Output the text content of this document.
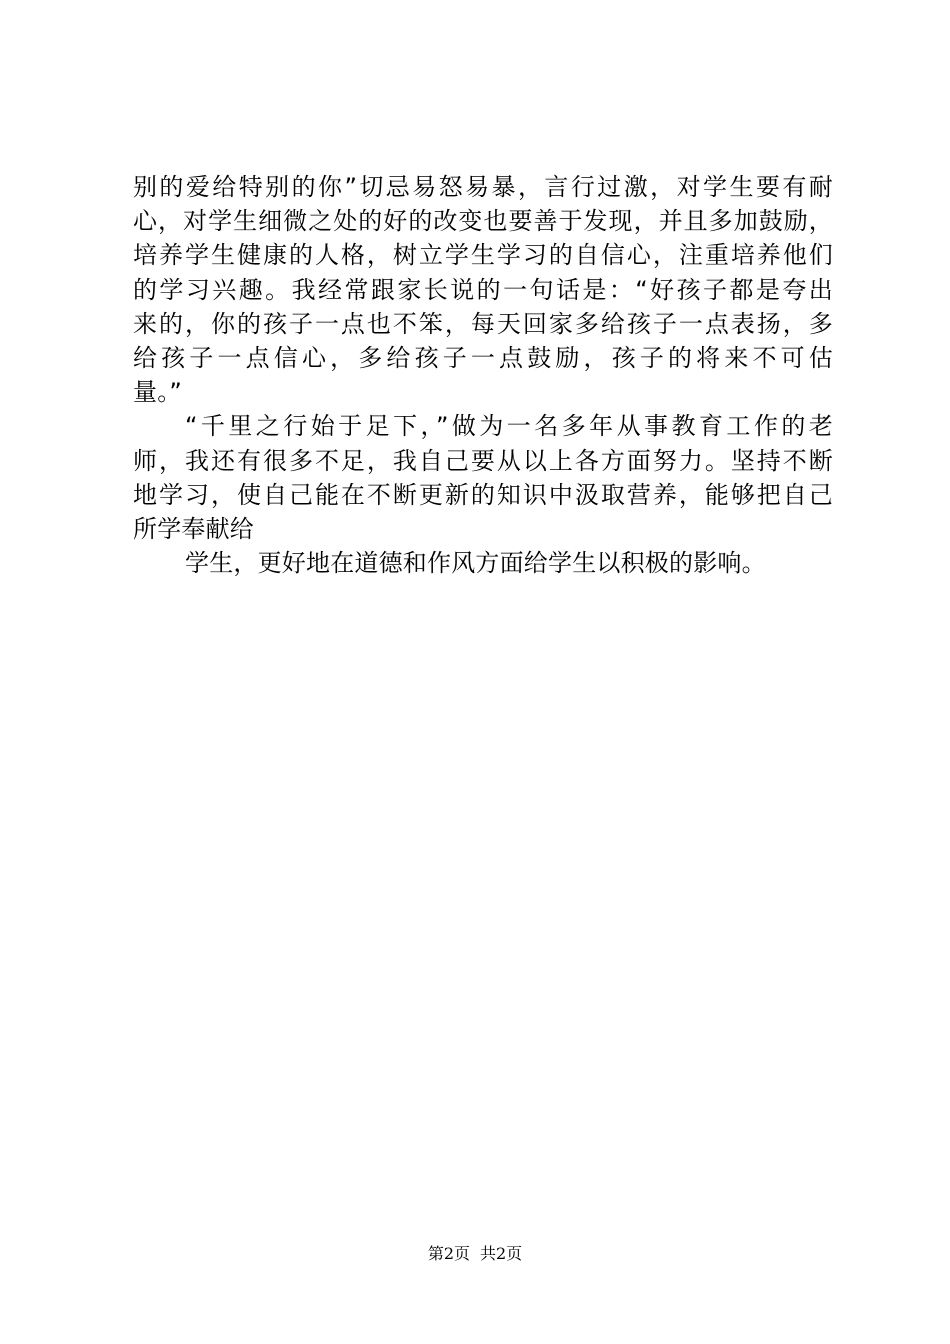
别的爱给特别的你”切忌易怒易暴，言行过激，对学生要有耐
心，对学生细微之处的好的改变也要善于发现，并且多加鼓励，
培养学生健康的人格，树立学生学习的自信心，注重培养他们
的学习兴趣。我经常跟家长说的一句话是：“好孩子都是夸出
来的，你的孩子一点也不笨，每天回家多给孩子一点表扬，多
给孩子一点信心，多给孩子一点鼓励，孩子的将来不可估
量。”
“千里之行始于足下，”做为一名多年从事教育工作的老
师，我还有很多不足，我自己要从以上各方面努力。坚持不断
地学习，使自己能在不断更新的知识中汲取营养，能够把自己
所学奉献给
学生，更好地在道德和作风方面给学生以积极的影响。
第2页 共2页
